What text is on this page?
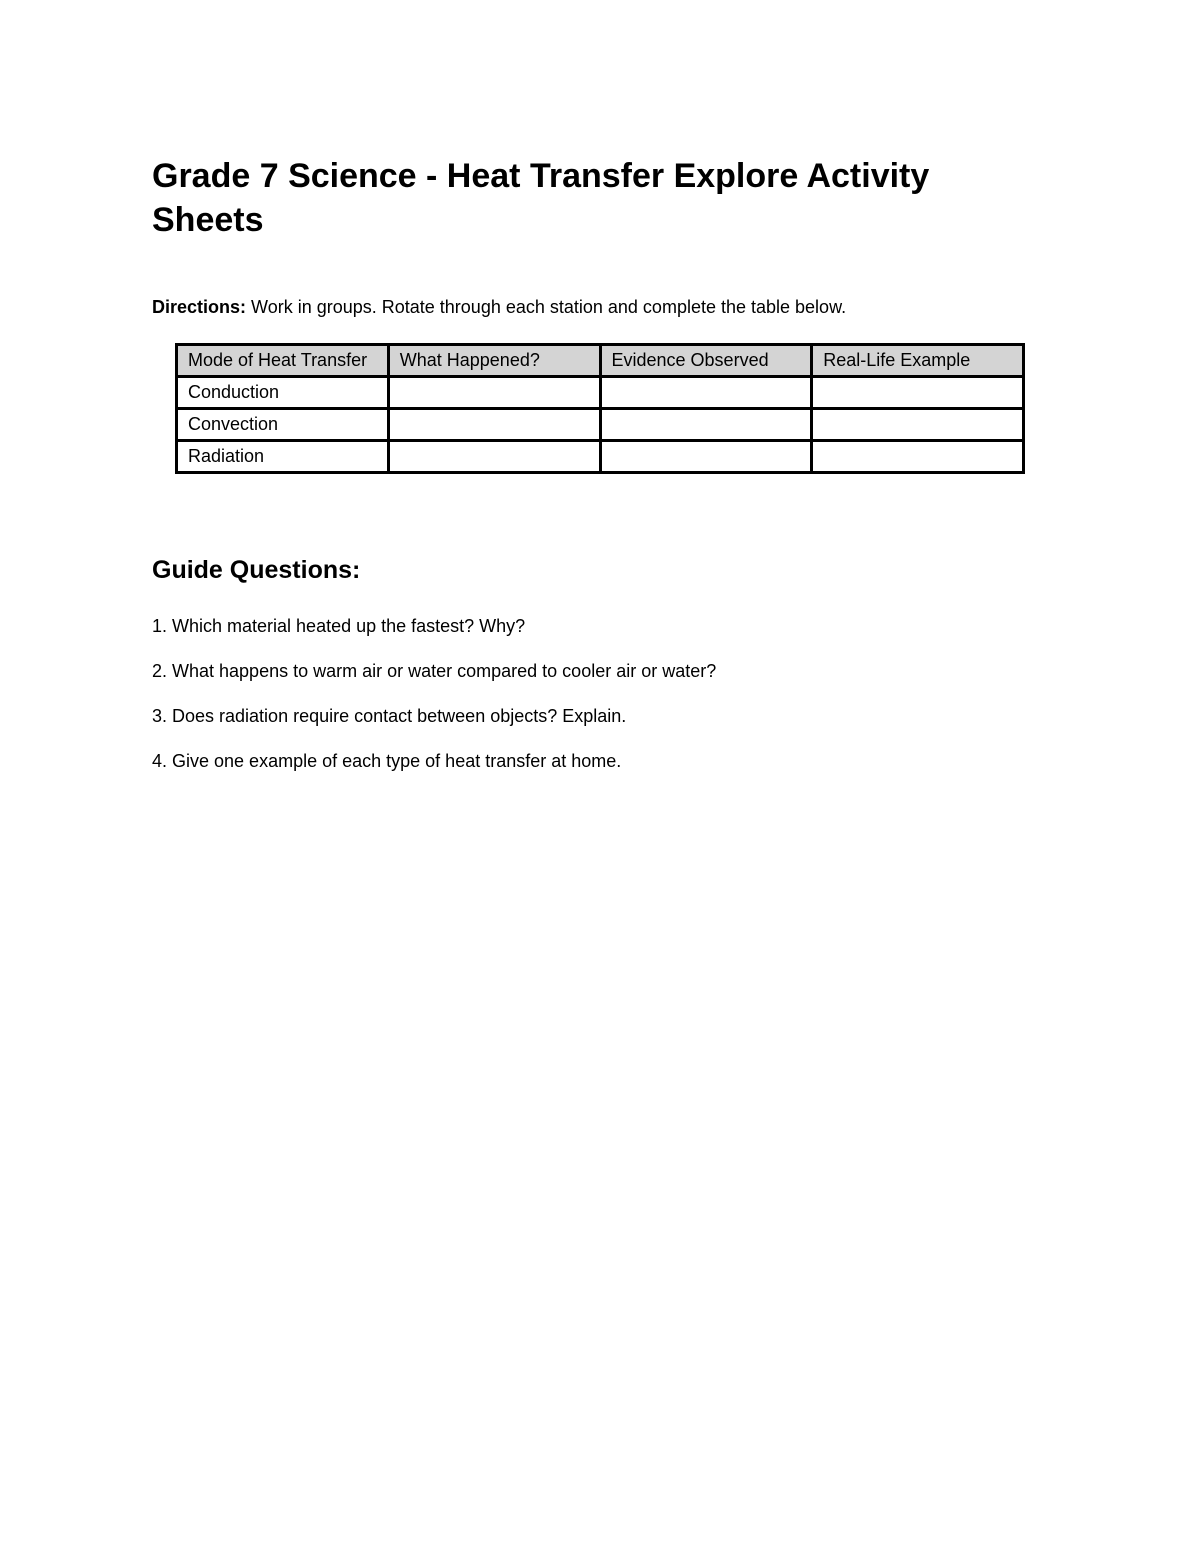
Grade 7 Science - Heat Transfer Explore Activity Sheets
Directions: Work in groups. Rotate through each station and complete the table below.
Mode of Heat Transfer	What Happened?	Evidence Observed	Real-Life Example
Conduction			
Convection			
Radiation			
Guide Questions:
1. Which material heated up the fastest? Why?
2. What happens to warm air or water compared to cooler air or water?
3. Does radiation require contact between objects? Explain.
4. Give one example of each type of heat transfer at home.
